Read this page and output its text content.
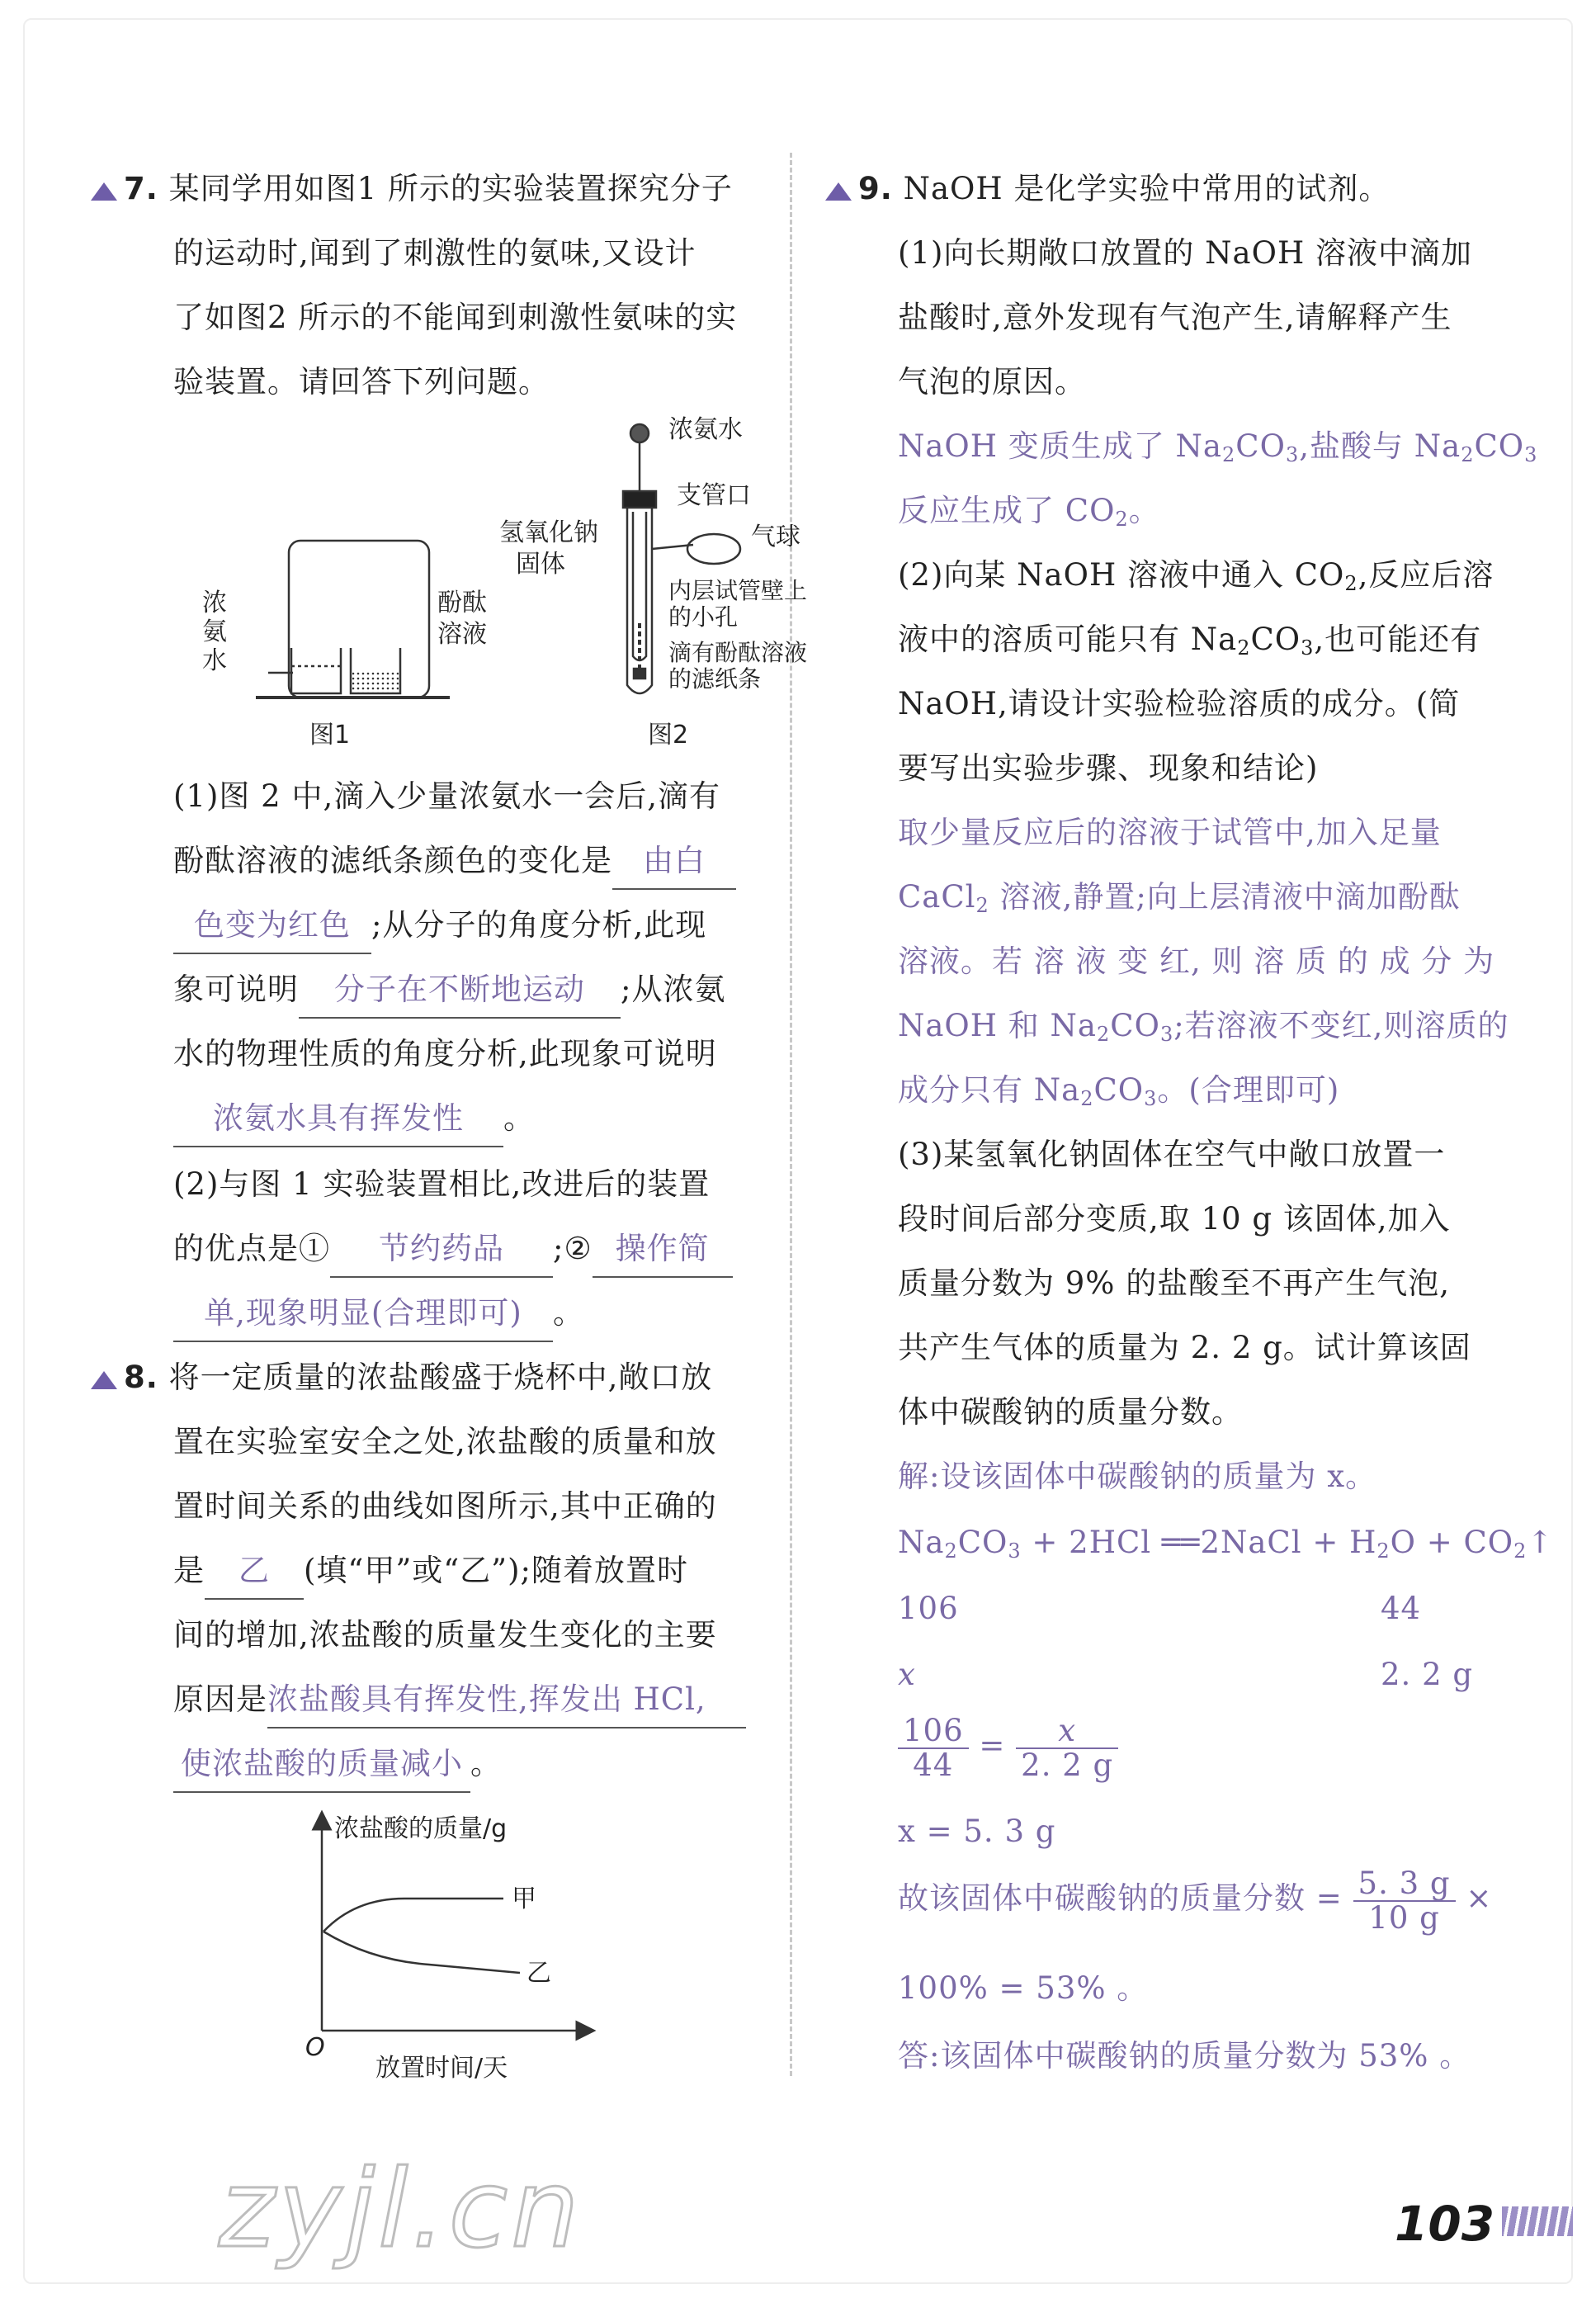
7. 某同学用如图1 所示的实验装置探究分子
的运动时,闻到了刺激性的氨味,又设计
了如图2 所示的不能闻到刺激性氨味的实
验装置。请回答下列问题。
浓
氨
水
酚酞
溶液
图1
浓氨水
支管口
氢氧化钠
固体
气球
内层试管壁上
的小孔
滴有酚酞溶液
的滤纸条
图2
(1)图 2 中,滴入少量浓氨水一会后,滴有
酚酞溶液的滤纸条颜色的变化是 由白
色变为红色 ;从分子的角度分析,此现
象可说明 分子在不断地运动 ;从浓氨
水的物理性质的角度分析,此现象可说明
浓氨水具有挥发性 。
(2)与图 1 实验装置相比,改进后的装置
的优点是① 节约药品 ;② 操作简
单,现象明显(合理即可) 。
8. 将一定质量的浓盐酸盛于烧杯中,敞口放
置在实验室安全之处,浓盐酸的质量和放
置时间关系的曲线如图所示,其中正确的
是 乙 (填“甲”或“乙”);随着放置时
间的增加,浓盐酸的质量发生变化的主要
原因是浓盐酸具有挥发性,挥发出 HCl,
使浓盐酸的质量减小 。
浓盐酸的质量/g
甲
乙
O
放置时间/天
9. NaOH 是化学实验中常用的试剂。
(1)向长期敞口放置的 NaOH 溶液中滴加
盐酸时,意外发现有气泡产生,请解释产生
气泡的原因。
NaOH 变质生成了 $Na_2CO_3$,盐酸与 $Na_2CO_3$
反应生成了 $CO_2$。
(2)向某 NaOH 溶液中通入 $CO_2$,反应后溶
液中的溶质可能只有 $Na_2CO_3$,也可能还有
NaOH,请设计实验检验溶质的成分。(简
要写出实验步骤、现象和结论)
取少量反应后的溶液于试管中,加入足量
CaCl$_2$ 溶液,静置;向上层清液中滴加酚酞
溶液。若 溶 液 变 红, 则 溶 质 的 成 分 为
NaOH 和 $Na_2CO_3$;若溶液不变红,则溶质的
成分只有 $Na_2CO_3$。(合理即可)
(3)某氢氧化钠固体在空气中敞口放置一
段时间后部分变质,取 10 g 该固体,加入
质量分数为 9% 的盐酸至不再产生气泡,
共产生气体的质量为 2. 2 g。试计算该固
体中碳酸钠的质量分数。
解:设该固体中碳酸钠的质量为 x。
$Na_2CO_3 + 2HCl$ ══2NaCl + $H_2O$ + $CO_2↑$
106	44
x	2. 2 g
$\frac{106}{44} = \frac{x}{2. 2 g}$
x = 5. 3 g
故该固体中碳酸钠的质量分数 = $\frac{5. 3 g}{10 g}$ ×
100% = 53% 。
答:该固体中碳酸钠的质量分数为 53% 。
zyjl.cn	103
